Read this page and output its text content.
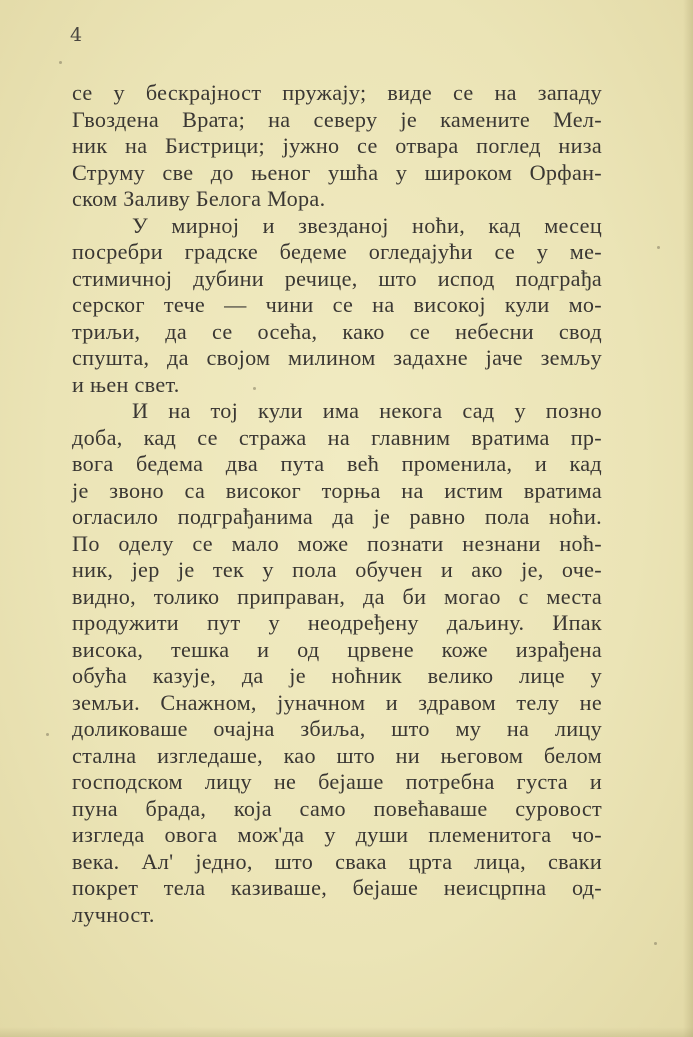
4
се у бескрајност пружају; виде се на западу
Гвоздена Врата; на северу је камените Мел-
ник на Бистрици; јужно се отвара поглед низа
Струму све до њеног ушћа у широком Орфан-
ском Заливу Белога Мора.
У мирној и звезданој ноћи, кад месец
посребри градске бедеме огледајући се у ме-
стимичној дубини речице, што испод подграђа
серског тече — чини се на високој кули мо-
триљи, да се осећа, како се небесни свод
спушта, да својом милином задахне јаче земљу
и њен свет.
И на тој кули има некога сад у позно
доба, кад се стража на главним вратима пр-
вога бедема два пута већ променила, и кад
је звоно са високог торња на истим вратима
огласило подграђанима да је равно пола ноћи.
По оделу се мало може познати незнани ноћ-
ник, јер је тек у пола обучен и ако је, оче-
видно, толико приправан, да би могао с места
продужити пут у неодређену даљину. Ипак
висока, тешка и од црвене коже израђена
обућа казује, да је ноћник велико лице у
земљи. Снажном, јуначном и здравом телу не
доликоваше очајна збиља, што му на лицу
стална изгледаше, као што ни његовом белом
господском лицу не бејаше потребна густа и
пуна брада, која само повећаваше суровост
изгледа овога мож'да у души племенитога чо-
века. Ал' једно, што свака црта лица, сваки
покрет тела казиваше, бејаше неисцрпна од-
лучност.
